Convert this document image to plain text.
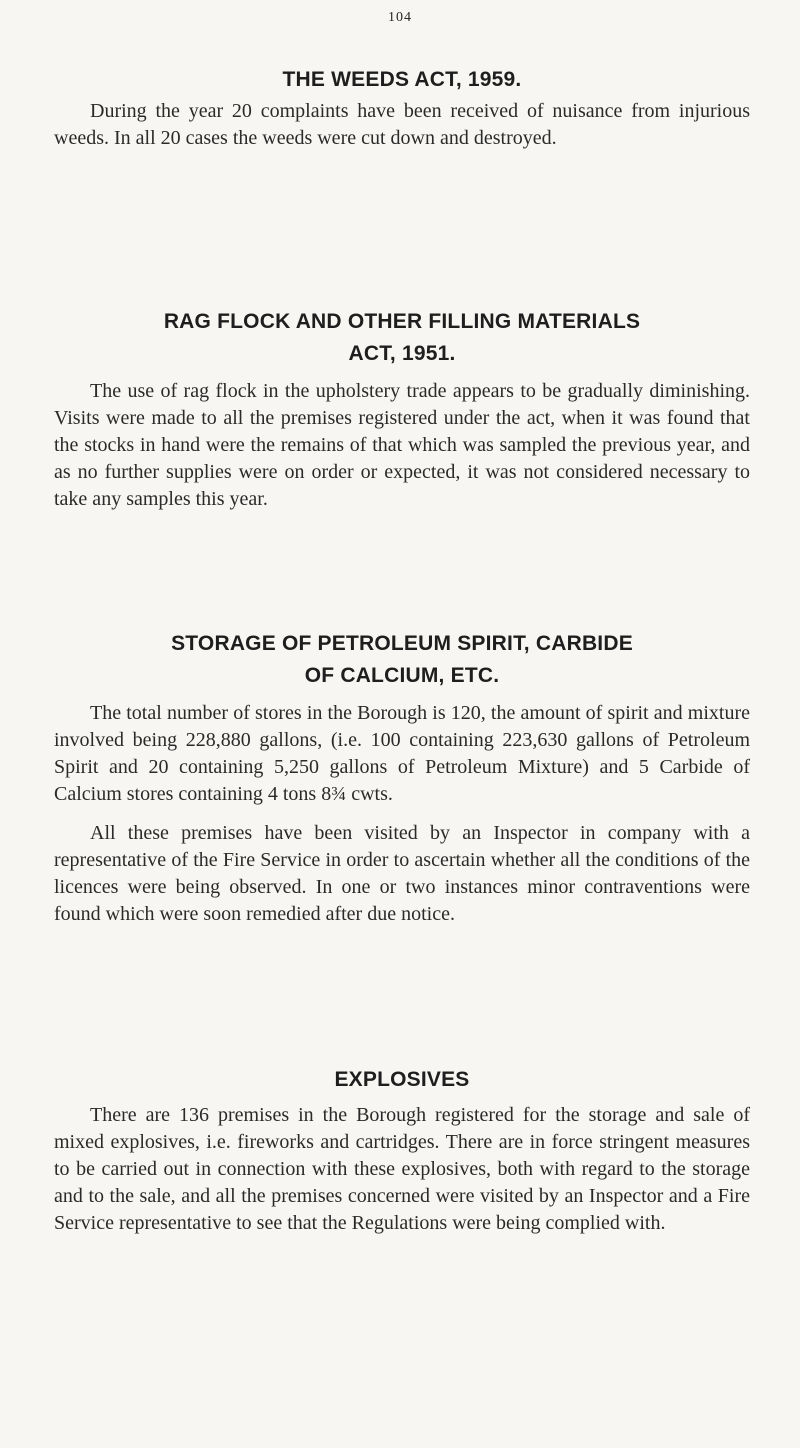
104
THE WEEDS ACT, 1959.

During the year 20 complaints have been received of nuisance from injurious weeds. In all 20 cases the weeds were cut down and destroyed.

RAG FLOCK AND OTHER FILLING MATERIALS
ACT, 1951.

The use of rag flock in the upholstery trade appears to be gradually diminishing. Visits were made to all the premises registered under the act, when it was found that the stocks in hand were the remains of that which was sampled the previous year, and as no further supplies were on order or expected, it was not considered necessary to take any samples this year.

STORAGE OF PETROLEUM SPIRIT, CARBIDE
OF CALCIUM, ETC.

The total number of stores in the Borough is 120, the amount of spirit and mixture involved being 228,880 gallons, (i.e. 100 containing 223,630 gallons of Petroleum Spirit and 20 containing 5,250 gallons of Petroleum Mixture) and 5 Carbide of Calcium stores containing 4 tons 8¾ cwts.

All these premises have been visited by an Inspector in company with a representative of the Fire Service in order to ascertain whether all the conditions of the licences were being observed. In one or two instances minor contraventions were found which were soon remedied after due notice.

EXPLOSIVES

There are 136 premises in the Borough registered for the storage and sale of mixed explosives, i.e. fireworks and cartridges. There are in force stringent measures to be carried out in connection with these explosives, both with regard to the storage and to the sale, and all the premises concerned were visited by an Inspector and a Fire Service representative to see that the Regulations were being complied with.
